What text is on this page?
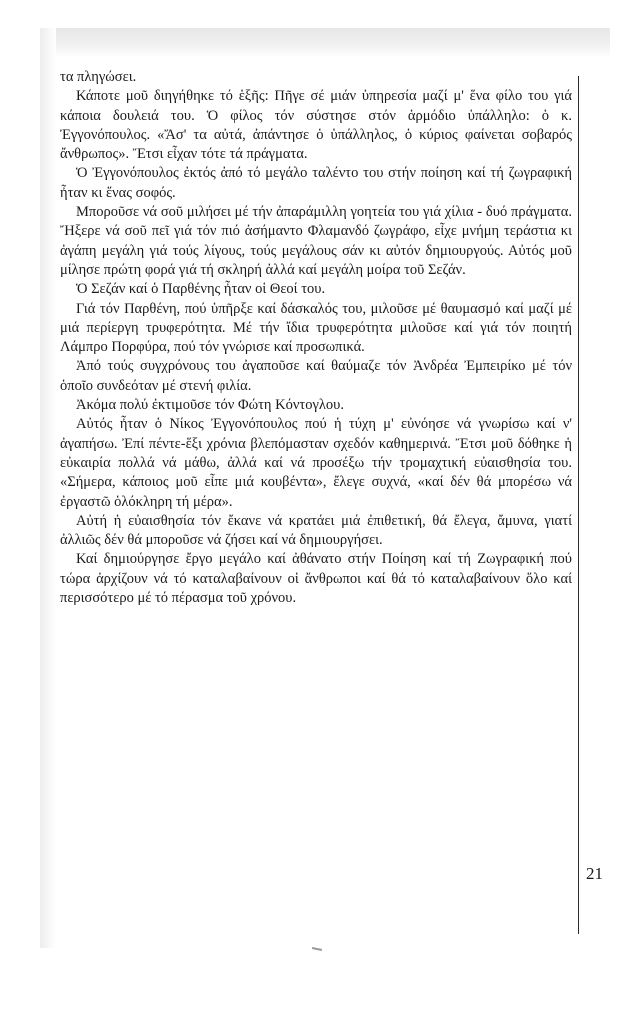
τα πληγώσει.

Κάποτε μοῦ διηγήθηκε τό ἑξῆς: Πῆγε σέ μιάν ὑπηρεσία μαζί μ' ἕνα φίλο του γιά κάποια δουλειά του. Ὁ φίλος τόν σύστησε στόν ἁρμόδιο ὑπάλληλο: ὁ κ. Ἐγγονόπουλος. «Ἄσ' τα αὐτά, ἀπάντησε ὁ ὑπάλληλος, ὁ κύριος φαίνεται σοβαρός ἄνθρωπος». Ἔτσι εἶχαν τότε τά πράγματα.

Ὁ Ἐγγονόπουλος ἐκτός ἀπό τό μεγάλο ταλέντο του στήν ποίηση καί τή ζωγραφική ἦταν κι ἕνας σοφός.

Μποροῦσε νά σοῦ μιλήσει μέ τήν ἀπαράμιλλη γοητεία του γιά χίλια - δυό πράγματα. Ἤξερε νά σοῦ πεῖ γιά τόν πιό ἀσήμαντο Φλαμανδό ζωγράφο, εἶχε μνήμη τεράστια κι ἀγάπη μεγάλη γιά τούς λίγους, τούς μεγάλους σάν κι αὐτόν δημιουργούς. Αὐτός μοῦ μίλησε πρώτη φορά γιά τή σκληρή ἀλλά καί μεγάλη μοίρα τοῦ Σεζάν.

Ὁ Σεζάν καί ὁ Παρθένης ἦταν οἱ Θεοί του.

Γιά τόν Παρθένη, πού ὑπῆρξε καί δάσκαλός του, μιλοῦσε μέ θαυμασμό καί μαζί μέ μιά περίεργη τρυφερότητα. Μέ τήν ἴδια τρυφερότητα μιλοῦσε καί γιά τόν ποιητή Λάμπρο Πορφύρα, πού τόν γνώρισε καί προσωπικά.

Ἀπό τούς συγχρόνους του ἀγαποῦσε καί θαύμαζε τόν Ἀνδρέα Ἐμπειρίκο μέ τόν ὁποῖο συνδεόταν μέ στενή φιλία.

Ἀκόμα πολύ ἐκτιμοῦσε τόν Φώτη Κόντογλου.

Αὐτός ἦταν ὁ Νίκος Ἐγγονόπουλος πού ἡ τύχη μ' εὐνόησε νά γνωρίσω καί ν' ἀγαπήσω. Ἐπί πέντε-ἕξι χρόνια βλεπόμασταν σχεδόν καθημερινά. Ἔτσι μοῦ δόθηκε ἡ εὐκαιρία πολλά νά μάθω, ἀλλά καί νά προσέξω τήν τρομαχτική εὐαισθησία του. «Σήμερα, κάποιος μοῦ εἶπε μιά κουβέντα», ἔλεγε συχνά, «καί δέν θά μπορέσω νά ἐργαστῶ ὁλόκληρη τή μέρα».

Αὐτή ἡ εὐαισθησία τόν ἔκανε νά κρατάει μιά ἐπιθετική, θά ἔλεγα, ἄμυνα, γιατί ἀλλιῶς δέν θά μποροῦσε νά ζήσει καί νά δημιουργήσει.

Καί δημιούργησε ἔργο μεγάλο καί ἀθάνατο στήν Ποίηση καί τή Ζωγραφική πού τώρα ἀρχίζουν νά τό καταλαβαίνουν οἱ ἄνθρωποι καί θά τό καταλαβαίνουν ὅλο καί περισσότερο μέ τό πέρασμα τοῦ χρόνου.

21
